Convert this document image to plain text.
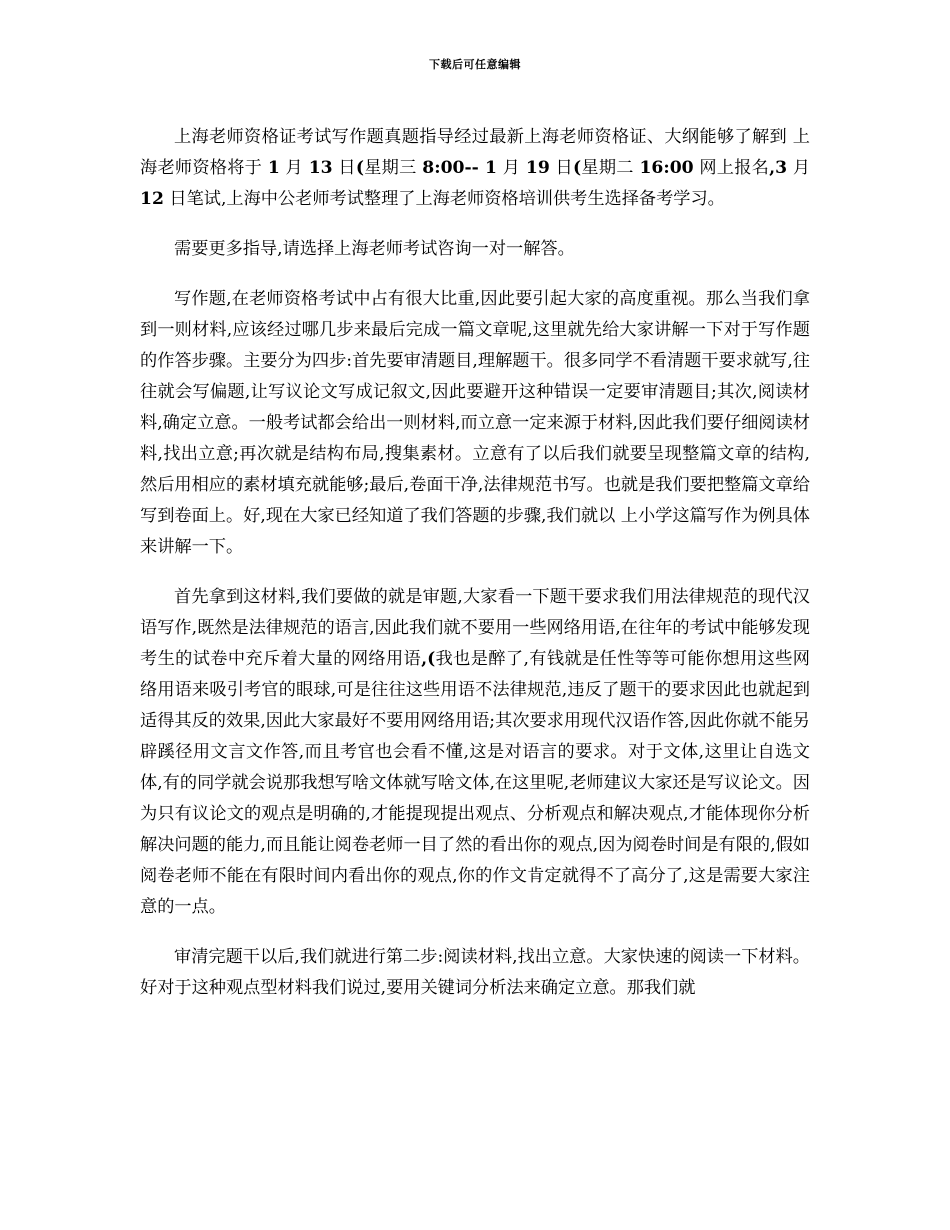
下载后可任意编辑

上海老师资格证考试写作题真题指导经过最新上海老师资格证、大纲能够了解到 上海老师资格将于 1 月 13 日(星期三 8:00-- 1 月 19 日(星期二 16:00 网上报名,3 月 12 日笔试,上海中公老师考试整理了上海老师资格培训供考生选择备考学习。

需要更多指导,请选择上海老师考试咨询一对一解答。

写作题,在老师资格考试中占有很大比重,因此要引起大家的高度重视。那么当我们拿到一则材料,应该经过哪几步来最后完成一篇文章呢,这里就先给大家讲解一下对于写作题的作答步骤。主要分为四步:首先要审清题目,理解题干。很多同学不看清题干要求就写,往往就会写偏题,让写议论文写成记叙文,因此要避开这种错误一定要审清题目;其次,阅读材料,确定立意。一般考试都会给出一则材料,而立意一定来源于材料,因此我们要仔细阅读材料,找出立意;再次就是结构布局,搜集素材。立意有了以后我们就要呈现整篇文章的结构,然后用相应的素材填充就能够;最后,卷面干净,法律规范书写。也就是我们要把整篇文章给写到卷面上。好,现在大家已经知道了我们答题的步骤,我们就以 上小学这篇写作为例具体来讲解一下。

首先拿到这材料,我们要做的就是审题,大家看一下题干要求我们用法律规范的现代汉语写作,既然是法律规范的语言,因此我们就不要用一些网络用语,在往年的考试中能够发现考生的试卷中充斥着大量的网络用语,(我也是醉了,有钱就是任性等等可能你想用这些网络用语来吸引考官的眼球,可是往往这些用语不法律规范,违反了题干的要求因此也就起到适得其反的效果,因此大家最好不要用网络用语;其次要求用现代汉语作答,因此你就不能另辟蹊径用文言文作答,而且考官也会看不懂,这是对语言的要求。对于文体,这里让自选文体,有的同学就会说那我想写啥文体就写啥文体,在这里呢,老师建议大家还是写议论文。因为只有议论文的观点是明确的,才能提现提出观点、分析观点和解决观点,才能体现你分析解决问题的能力,而且能让阅卷老师一目了然的看出你的观点,因为阅卷时间是有限的,假如阅卷老师不能在有限时间内看出你的观点,你的作文肯定就得不了高分了,这是需要大家注意的一点。

审清完题干以后,我们就进行第二步:阅读材料,找出立意。大家快速的阅读一下材料。好对于这种观点型材料我们说过,要用关键词分析法来确定立意。那我们就
